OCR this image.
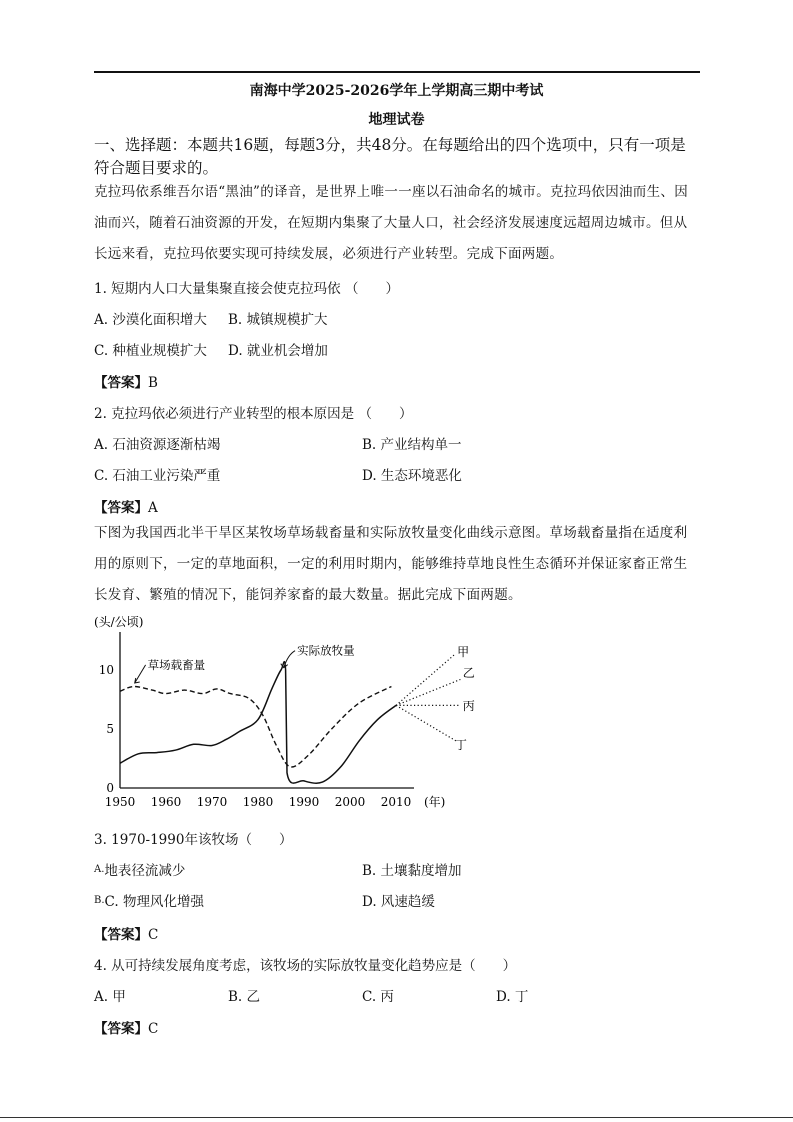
南海中学2025-2026学年上学期高三期中考试
地理试卷
一、选择题：本题共16题，每题3分，共48分。在每题给出的四个选项中，只有一项是符合题目要求的。
克拉玛依系维吾尔语“黑油”的译音，是世界上唯一一座以石油命名的城市。克拉玛依因油而生、因油而兴，随着石油资源的开发，在短期内集聚了大量人口，社会经济发展速度远超周边城市。但从长远来看，克拉玛依要实现可持续发展，必须进行产业转型。完成下面两题。
1. 短期内人口大量集聚直接会使克拉玛依 （　　）
A. 沙漠化面积增大 B. 城镇规模扩大
C. 种植业规模扩大 D. 就业机会增加
【答案】B
2. 克拉玛依必须进行产业转型的根本原因是 （　　）
A. 石油资源逐渐枯竭	B. 产业结构单一
C. 石油工业污染严重	D. 生态环境恶化
【答案】A
下图为我国西北半干旱区某牧场草场载畜量和实际放牧量变化曲线示意图。草场载畜量指在适度利用的原则下，一定的草地面积，一定的利用时期内，能够维持草地良性生态循环并保证家畜正常生长发育、繁殖的情况下，能饲养家畜的最大数量。据此完成下面两题。
(头/公顷)
0
5
10
1950 1960 1970 1980 1990 2000 2010 (年)
草场载畜量
实际放牧量	甲
乙
丙
丁
3. 1970-1990年该牧场（　　）
$^{A.}$地表径流减少	B. 土壤黏度增加
$^{B.}$C. 物理风化增强	D. 风速趋缓
【答案】C
4. 从可持续发展角度考虑，该牧场的实际放牧量变化趋势应是（　　）
A. 甲	B. 乙	C. 丙	D. 丁
【答案】C
